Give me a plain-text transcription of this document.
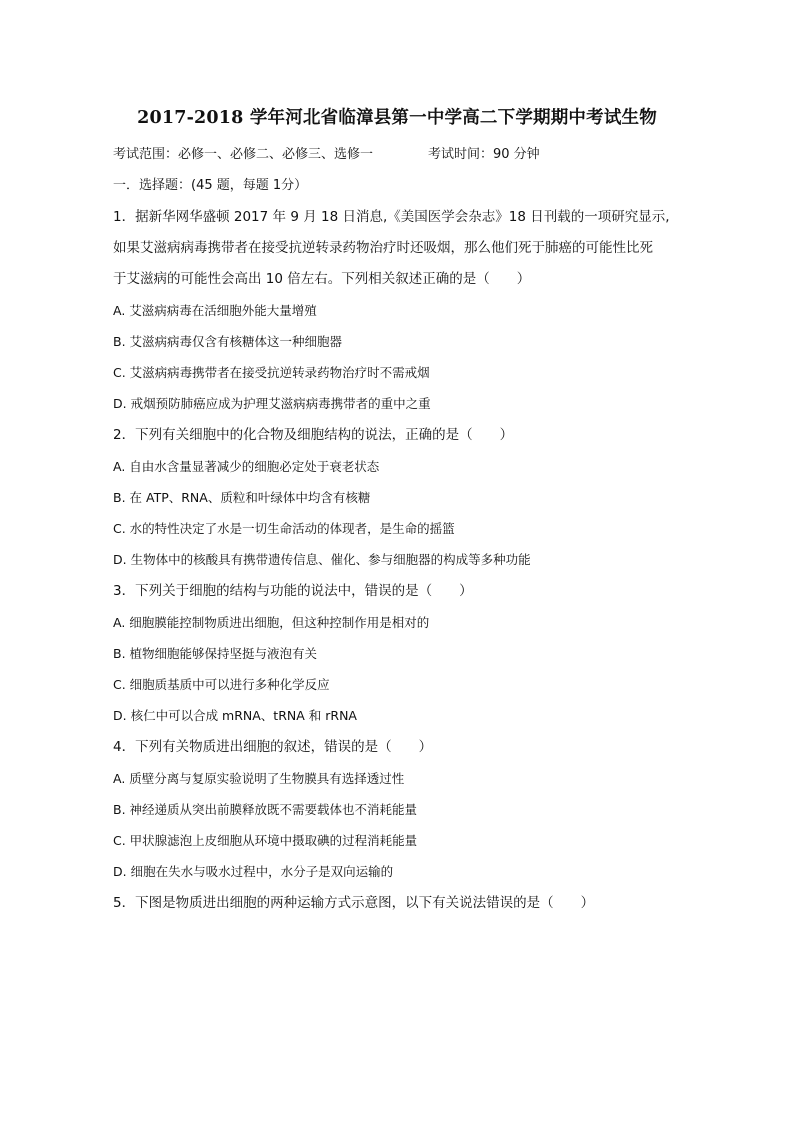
2017-2018 学年河北省临漳县第一中学高二下学期期中考试生物
考试范围：必修一、必修二、必修三、选修一	考试时间：90 分钟
一．选择题：(45 题，每题 1分）
1．据新华网华盛顿 2017 年 9 月 18 日消息,《美国医学会杂志》18 日刊载的一项研究显示,
如果艾滋病病毒携带者在接受抗逆转录药物治疗时还吸烟，那么他们死于肺癌的可能性比死
于艾滋病的可能性会高出 10 倍左右。下列相关叙述正确的是（　　）
A. 艾滋病病毒在活细胞外能大量增殖
B. 艾滋病病毒仅含有核糖体这一种细胞器
C. 艾滋病病毒携带者在接受抗逆转录药物治疗时不需戒烟
D. 戒烟预防肺癌应成为护理艾滋病病毒携带者的重中之重
2．下列有关细胞中的化合物及细胞结构的说法，正确的是（　　）
A. 自由水含量显著减少的细胞必定处于衰老状态
B. 在 ATP、RNA、质粒和叶绿体中均含有核糖
C. 水的特性决定了水是一切生命活动的体现者，是生命的摇篮
D. 生物体中的核酸具有携带遗传信息、催化、参与细胞器的构成等多种功能
3．下列关于细胞的结构与功能的说法中，错误的是（　　）
A. 细胞膜能控制物质进出细胞，但这种控制作用是相对的
B. 植物细胞能够保持坚挺与液泡有关
C. 细胞质基质中可以进行多种化学反应
D. 核仁中可以合成 mRNA、tRNA 和 rRNA
4．下列有关物质进出细胞的叙述，错误的是（　　）
A. 质壁分离与复原实验说明了生物膜具有选择透过性
B. 神经递质从突出前膜释放既不需要载体也不消耗能量
C. 甲状腺滤泡上皮细胞从环境中摄取碘的过程消耗能量
D. 细胞在失水与吸水过程中，水分子是双向运输的
5．下图是物质进出细胞的两种运输方式示意图，以下有关说法错误的是（　　）
